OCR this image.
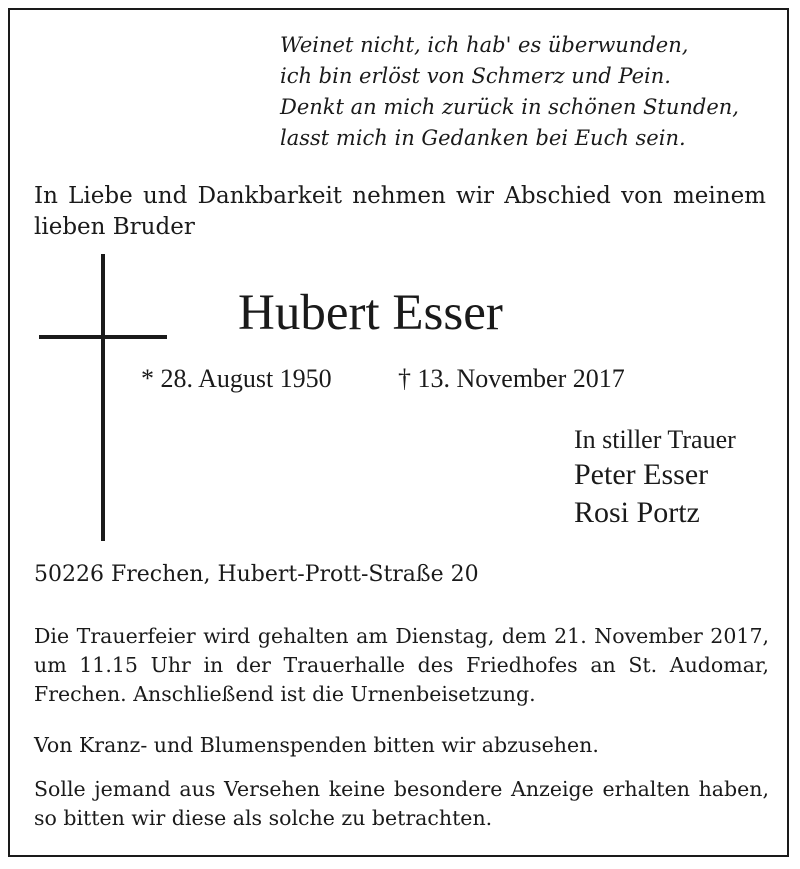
Weinet nicht, ich hab' es überwunden,
ich bin erlöst von Schmerz und Pein.
Denkt an mich zurück in schönen Stunden,
lasst mich in Gedanken bei Euch sein.
In Liebe und Dankbarkeit nehmen wir Abschied von meinem lieben Bruder
Hubert Esser
* 28. August 1950	† 13. November 2017
In stiller Trauer
Peter Esser
Rosi Portz
50226 Frechen, Hubert-Prott-Straße 20
Die Trauerfeier wird gehalten am Dienstag, dem 21. November 2017, um 11.15 Uhr in der Trauerhalle des Friedhofes an St. Audomar, Frechen. Anschließend ist die Urnenbeisetzung.
Von Kranz- und Blumenspenden bitten wir abzusehen.
Solle jemand aus Versehen keine besondere Anzeige erhalten haben, so bitten wir diese als solche zu betrachten.
